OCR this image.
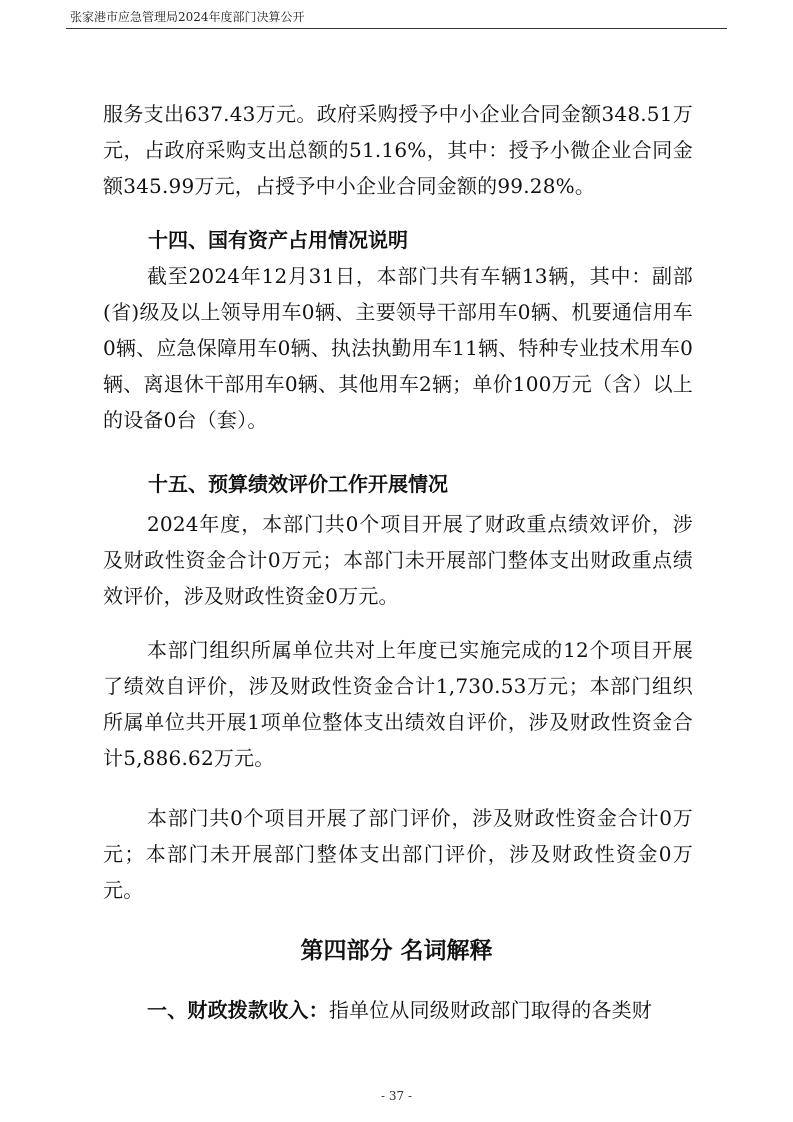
张家港市应急管理局2024年度部门决算公开
服务支出637.43万元。政府采购授予中小企业合同金额348.51万元，占政府采购支出总额的51.16%，其中：授予小微企业合同金额345.99万元，占授予中小企业合同金额的99.28%。
十四、国有资产占用情况说明
截至2024年12月31日，本部门共有车辆13辆，其中：副部(省)级及以上领导用车0辆、主要领导干部用车0辆、机要通信用车0辆、应急保障用车0辆、执法执勤用车11辆、特种专业技术用车0辆、离退休干部用车0辆、其他用车2辆；单价100万元（含）以上的设备0台（套）。
十五、预算绩效评价工作开展情况
2024年度，本部门共0个项目开展了财政重点绩效评价，涉及财政性资金合计0万元；本部门未开展部门整体支出财政重点绩效评价，涉及财政性资金0万元。
本部门组织所属单位共对上年度已实施完成的12个项目开展了绩效自评价，涉及财政性资金合计1,730.53万元；本部门组织所属单位共开展1项单位整体支出绩效自评价，涉及财政性资金合计5,886.62万元。
本部门共0个项目开展了部门评价，涉及财政性资金合计0万元；本部门未开展部门整体支出部门评价，涉及财政性资金0万元。
第四部分 名词解释
一、财政拨款收入：指单位从同级财政部门取得的各类财
- 37 -
